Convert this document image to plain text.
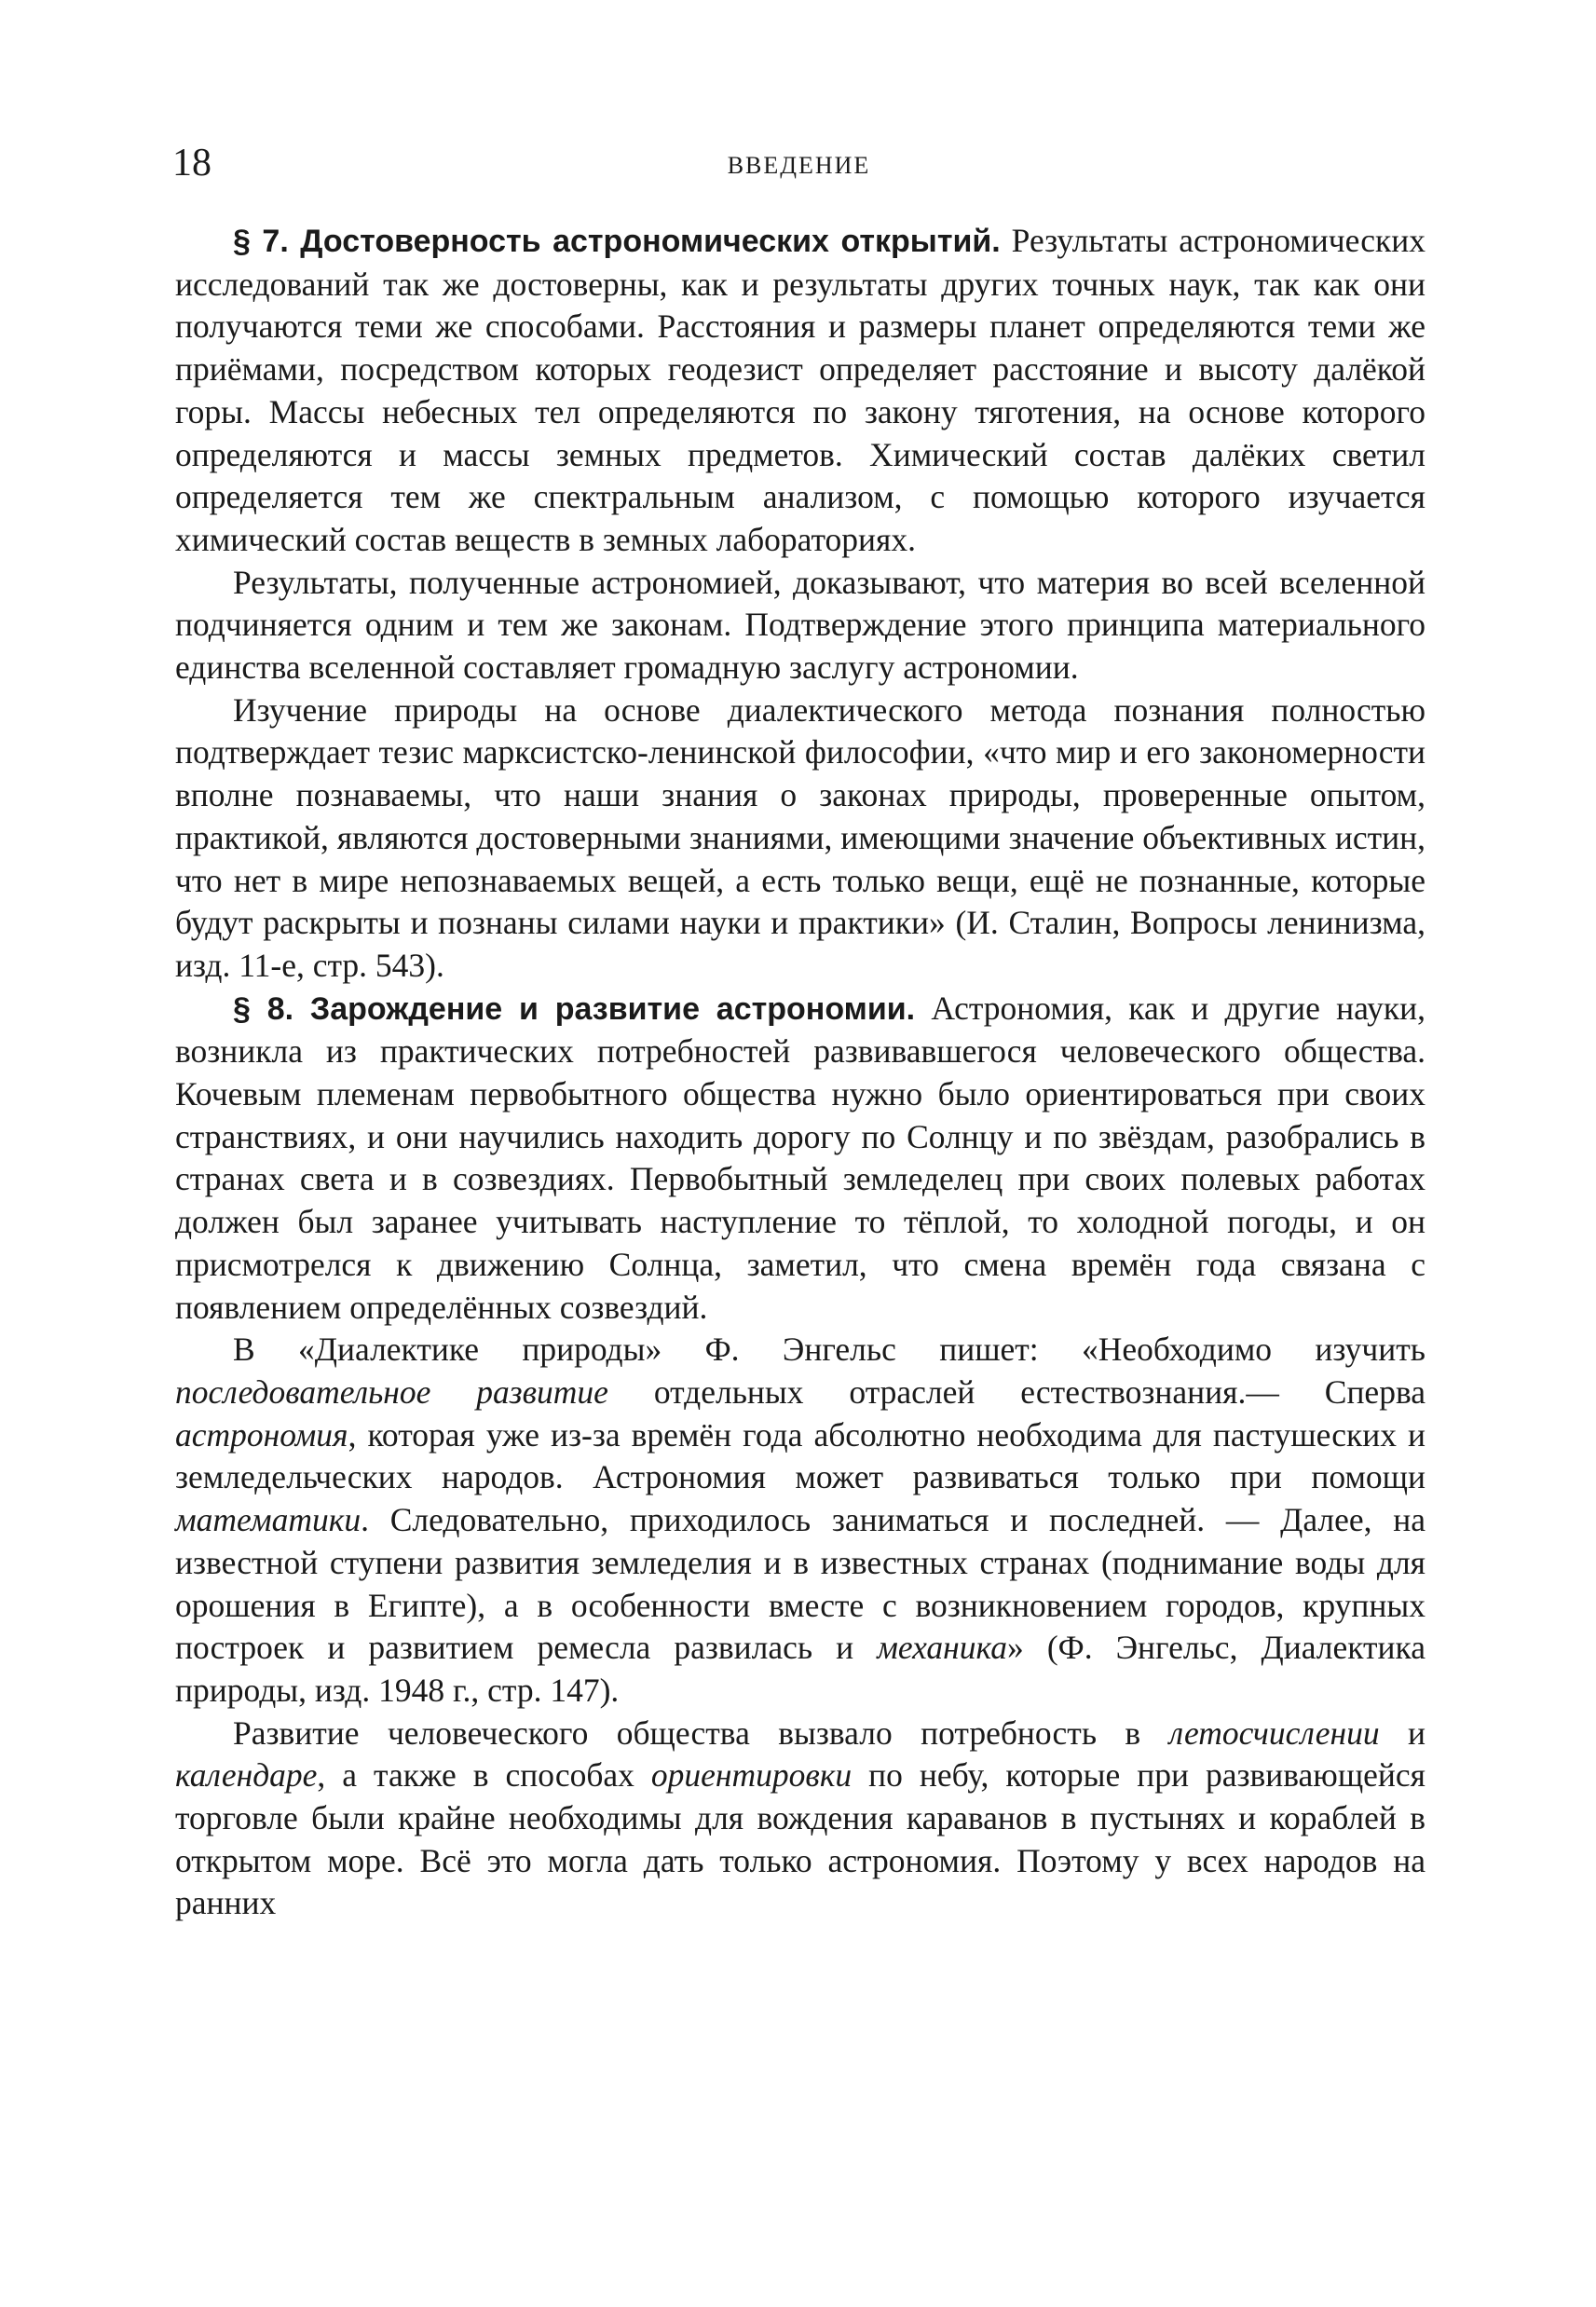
18	ВВЕДЕНИЕ

§ 7. Достоверность астрономических открытий. Результаты астрономических исследований так же достоверны, как и результаты других точных наук, так как они получаются теми же способами. Расстояния и размеры планет определяются теми же приёмами, посредством которых геодезист определяет расстояние и высоту далёкой горы. Массы небесных тел определяются по закону тяготения, на основе которого определяются и массы земных предметов. Химический состав далёких светил определяется тем же спектральным анализом, с помощью которого изучается химический состав веществ в земных лабораториях.

Результаты, полученные астрономией, доказывают, что материя во всей вселенной подчиняется одним и тем же законам. Подтверждение этого принципа материального единства вселенной составляет громадную заслугу астрономии.

Изучение природы на основе диалектического метода познания полностью подтверждает тезис марксистско-ленинской философии, «что мир и его закономерности вполне познаваемы, что наши знания о законах природы, проверенные опытом, практикой, являются достоверными знаниями, имеющими значение объективных истин, что нет в мире непознаваемых вещей, а есть только вещи, ещё не познанные, которые будут раскрыты и познаны силами науки и практики» (И. Сталин, Вопросы ленинизма, изд. 11-е, стр. 543).

§ 8. Зарождение и развитие астрономии. Астрономия, как и другие науки, возникла из практических потребностей развивавшегося человеческого общества. Кочевым племенам первобытного общества нужно было ориентироваться при своих странствиях, и они научились находить дорогу по Солнцу и по звёздам, разобрались в странах света и в созвездиях. Первобытный земледелец при своих полевых работах должен был заранее учитывать наступление то тёплой, то холодной погоды, и он присмотрелся к движению Солнца, заметил, что смена времён года связана с появлением определённых созвездий.

В «Диалектике природы» Ф. Энгельс пишет: «Необходимо изучить последовательное развитие отдельных отраслей естествознания.— Сперва астрономия, которая уже из-за времён года абсолютно необходима для пастушеских и земледельческих народов. Астрономия может развиваться только при помощи математики. Следовательно, приходилось заниматься и последней. — Далее, на известной ступени развития земледелия и в известных странах (поднимание воды для орошения в Египте), а в особенности вместе с возникновением городов, крупных построек и развитием ремесла развилась и механика» (Ф. Энгельс, Диалектика природы, изд. 1948 г., стр. 147).

Развитие человеческого общества вызвало потребность в летосчислении и календаре, а также в способах ориентировки по небу, которые при развивающейся торговле были крайне необходимы для вождения караванов в пустынях и кораблей в открытом море. Всё это могла дать только астрономия. Поэтому у всех народов на ранних
